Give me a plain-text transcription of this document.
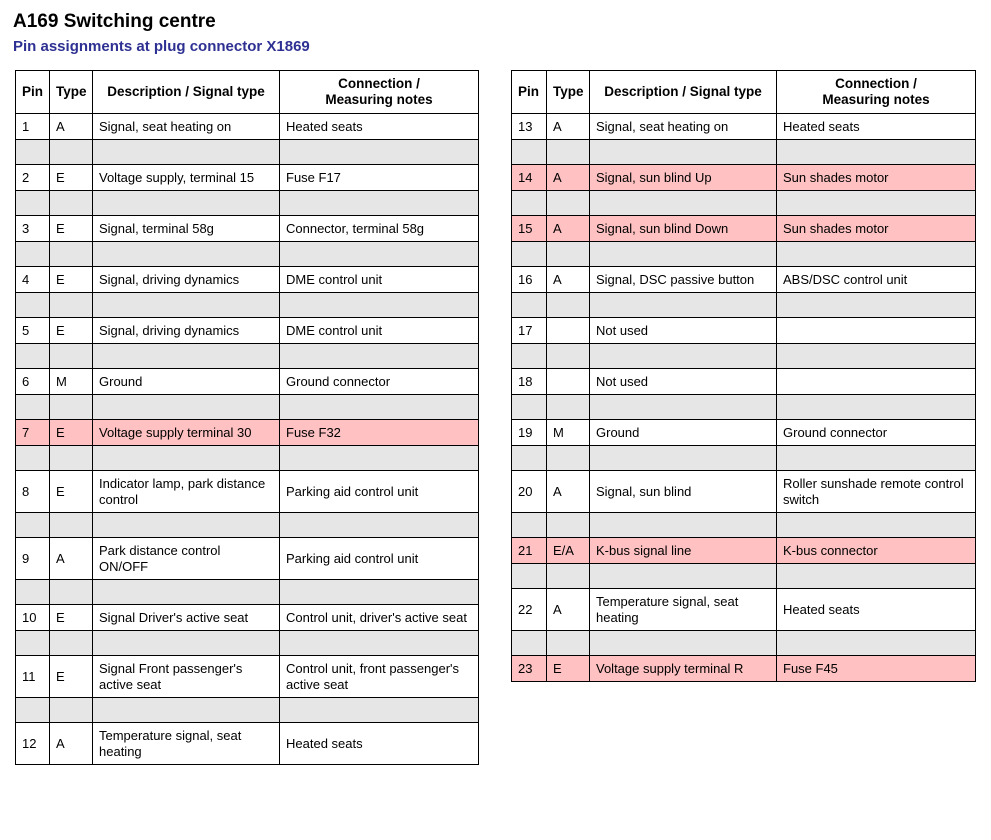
A169 Switching centre
Pin assignments at plug connector X1869
Pin	Type	Description / Signal type	Connection /
Measuring notes
1	A	Signal, seat heating on	Heated seats

2	E	Voltage supply, terminal 15	Fuse F17

3	E	Signal, terminal 58g	Connector, terminal 58g

4	E	Signal, driving dynamics	DME control unit

5	E	Signal, driving dynamics	DME control unit

6	M	Ground	Ground connector

7	E	Voltage supply terminal 30	Fuse F32

8	E	Indicator lamp, park distance control	Parking aid control unit

9	A	Park distance control ON/OFF	Parking aid control unit

10	E	Signal Driver's active seat	Control unit, driver's active seat

11	E	Signal Front passenger's active seat	Control unit, front passenger's active seat

12	A	Temperature signal, seat heating	Heated seats
Pin	Type	Description / Signal type	Connection /
Measuring notes
13	A	Signal, seat heating on	Heated seats

14	A	Signal, sun blind Up	Sun shades motor

15	A	Signal, sun blind Down	Sun shades motor

16	A	Signal, DSC passive button	ABS/DSC control unit

17		Not used	

18		Not used	

19	M	Ground	Ground connector

20	A	Signal, sun blind	Roller sunshade remote control switch

21	E/A	K-bus signal line	K-bus connector

22	A	Temperature signal, seat heating	Heated seats

23	E	Voltage supply terminal R	Fuse F45
